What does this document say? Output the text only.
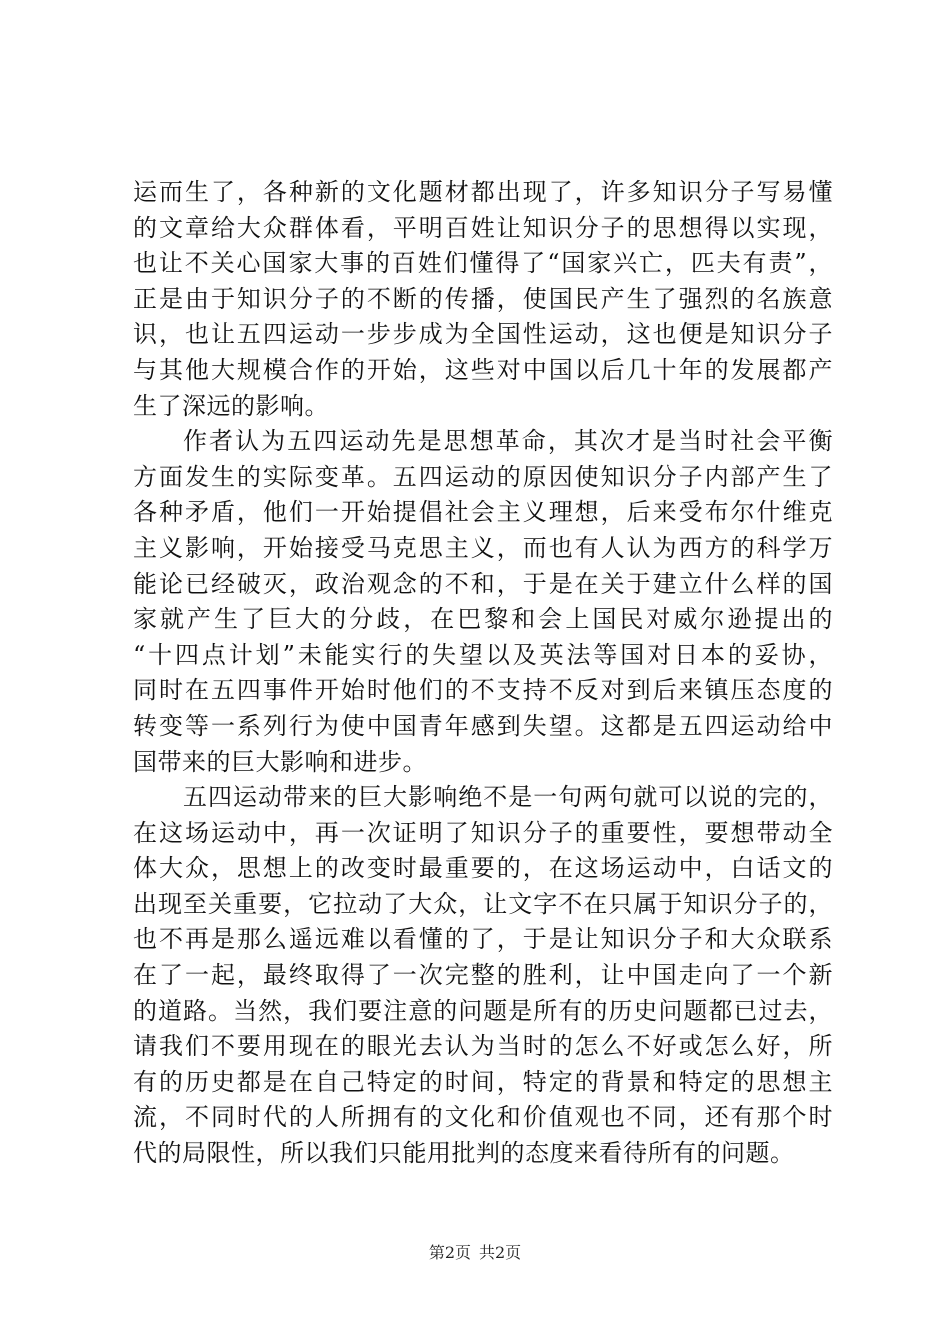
运而生了，各种新的文化题材都出现了，许多知识分子写易懂
的文章给大众群体看，平明百姓让知识分子的思想得以实现，
也让不关心国家大事的百姓们懂得了“国家兴亡，匹夫有责”，
正是由于知识分子的不断的传播，使国民产生了强烈的名族意
识，也让五四运动一步步成为全国性运动，这也便是知识分子
与其他大规模合作的开始，这些对中国以后几十年的发展都产
生了深远的影响。
作者认为五四运动先是思想革命，其次才是当时社会平衡
方面发生的实际变革。五四运动的原因使知识分子内部产生了
各种矛盾，他们一开始提倡社会主义理想，后来受布尔什维克
主义影响，开始接受马克思主义，而也有人认为西方的科学万
能论已经破灭，政治观念的不和，于是在关于建立什么样的国
家就产生了巨大的分歧，在巴黎和会上国民对威尔逊提出的
“十四点计划”未能实行的失望以及英法等国对日本的妥协，
同时在五四事件开始时他们的不支持不反对到后来镇压态度的
转变等一系列行为使中国青年感到失望。这都是五四运动给中
国带来的巨大影响和进步。
五四运动带来的巨大影响绝不是一句两句就可以说的完的，
在这场运动中，再一次证明了知识分子的重要性，要想带动全
体大众，思想上的改变时最重要的，在这场运动中，白话文的
出现至关重要，它拉动了大众，让文字不在只属于知识分子的，
也不再是那么遥远难以看懂的了，于是让知识分子和大众联系
在了一起，最终取得了一次完整的胜利，让中国走向了一个新
的道路。当然，我们要注意的问题是所有的历史问题都已过去，
请我们不要用现在的眼光去认为当时的怎么不好或怎么好，所
有的历史都是在自己特定的时间，特定的背景和特定的思想主
流，不同时代的人所拥有的文化和价值观也不同，还有那个时
代的局限性，所以我们只能用批判的态度来看待所有的问题。
第2页 共2页
